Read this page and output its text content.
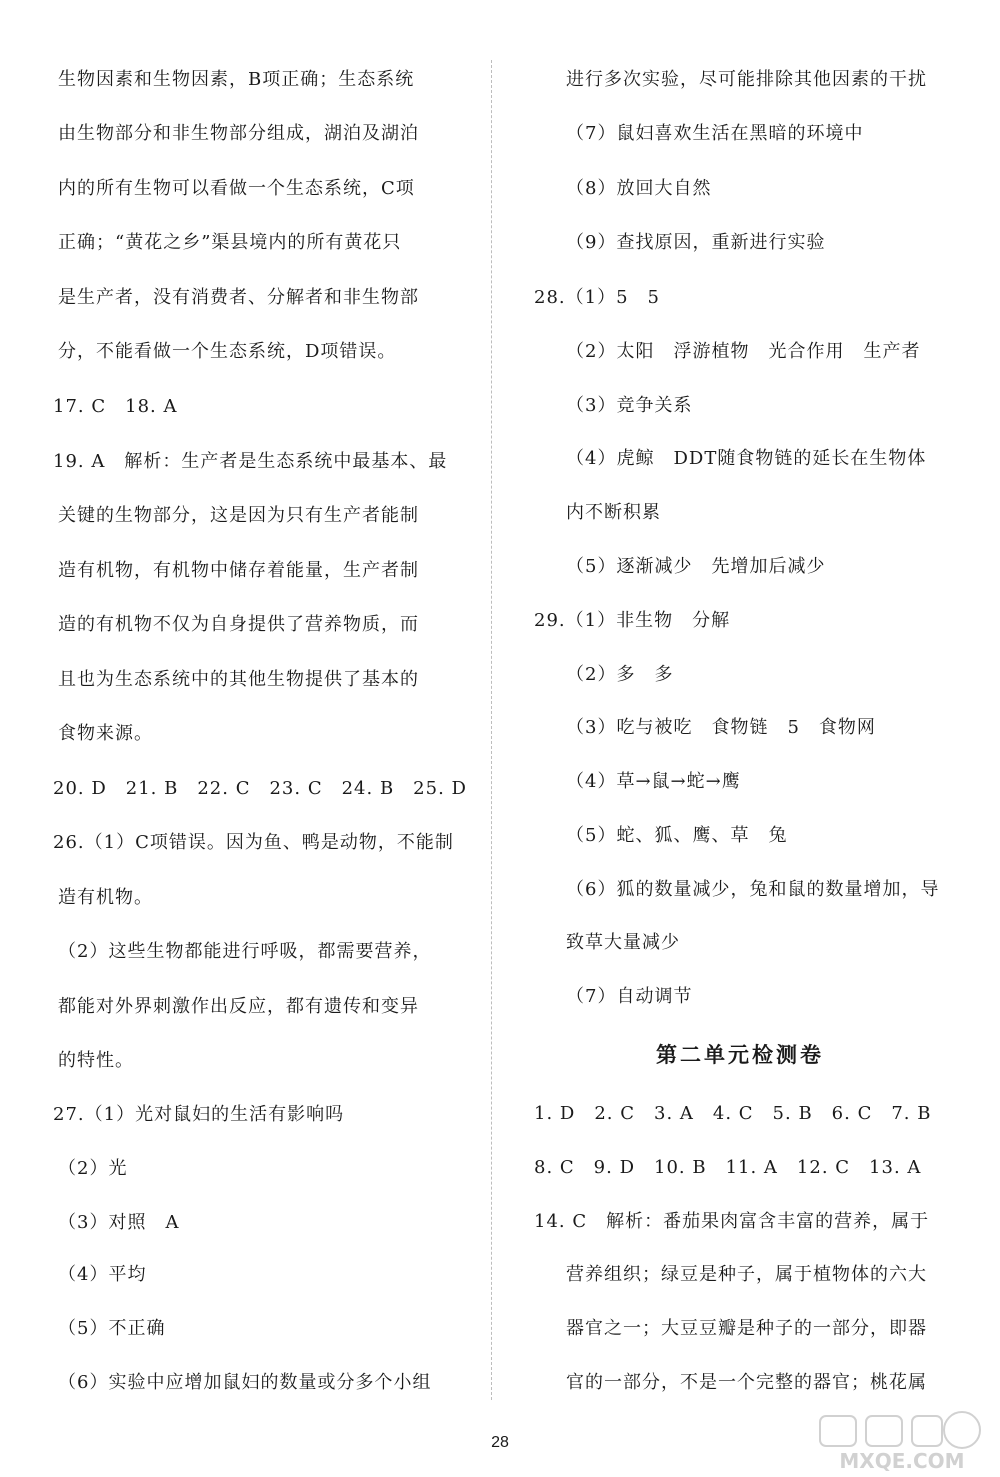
生物因素和生物因素，B项正确；生态系统
由生物部分和非生物部分组成，湖泊及湖泊
内的所有生物可以看做一个生态系统，C项
正确；“黄花之乡”渠县境内的所有黄花只
是生产者，没有消费者、分解者和非生物部
分，不能看做一个生态系统，D项错误。
17. C　18. A
19. A　解析：生产者是生态系统中最基本、最
关键的生物部分，这是因为只有生产者能制
造有机物，有机物中储存着能量，生产者制
造的有机物不仅为自身提供了营养物质，而
且也为生态系统中的其他生物提供了基本的
食物来源。
20. D　21. B　22. C　23. C　24. B　25. D
26.（1）C项错误。因为鱼、鸭是动物，不能制
造有机物。
（2）这些生物都能进行呼吸，都需要营养，
都能对外界刺激作出反应，都有遗传和变异
的特性。
27.（1）光对鼠妇的生活有影响吗
（2）光
（3）对照　A
（4）平均
（5）不正确
（6）实验中应增加鼠妇的数量或分多个小组
进行多次实验，尽可能排除其他因素的干扰
（7）鼠妇喜欢生活在黑暗的环境中
（8）放回大自然
（9）查找原因，重新进行实验
28.（1）5　5
（2）太阳　浮游植物　光合作用　生产者
（3）竞争关系
（4）虎鲸　DDT随食物链的延长在生物体
内不断积累
（5）逐渐减少　先增加后减少
29.（1）非生物　分解
（2）多　多
（3）吃与被吃　食物链　5　食物网
（4）草→鼠→蛇→鹰
（5）蛇、狐、鹰、草　兔
（6）狐的数量减少，兔和鼠的数量增加，导
致草大量减少
（7）自动调节
第二单元检测卷
1. D　2. C　3. A　4. C　5. B　6. C　7. B
8. C　9. D　10. B　11. A　12. C　13. A
14. C　解析：番茄果肉富含丰富的营养，属于
营养组织；绿豆是种子，属于植物体的六大
器官之一；大豆豆瓣是种子的一部分，即器
官的一部分，不是一个完整的器官；桃花属
28
MXQE.COM
